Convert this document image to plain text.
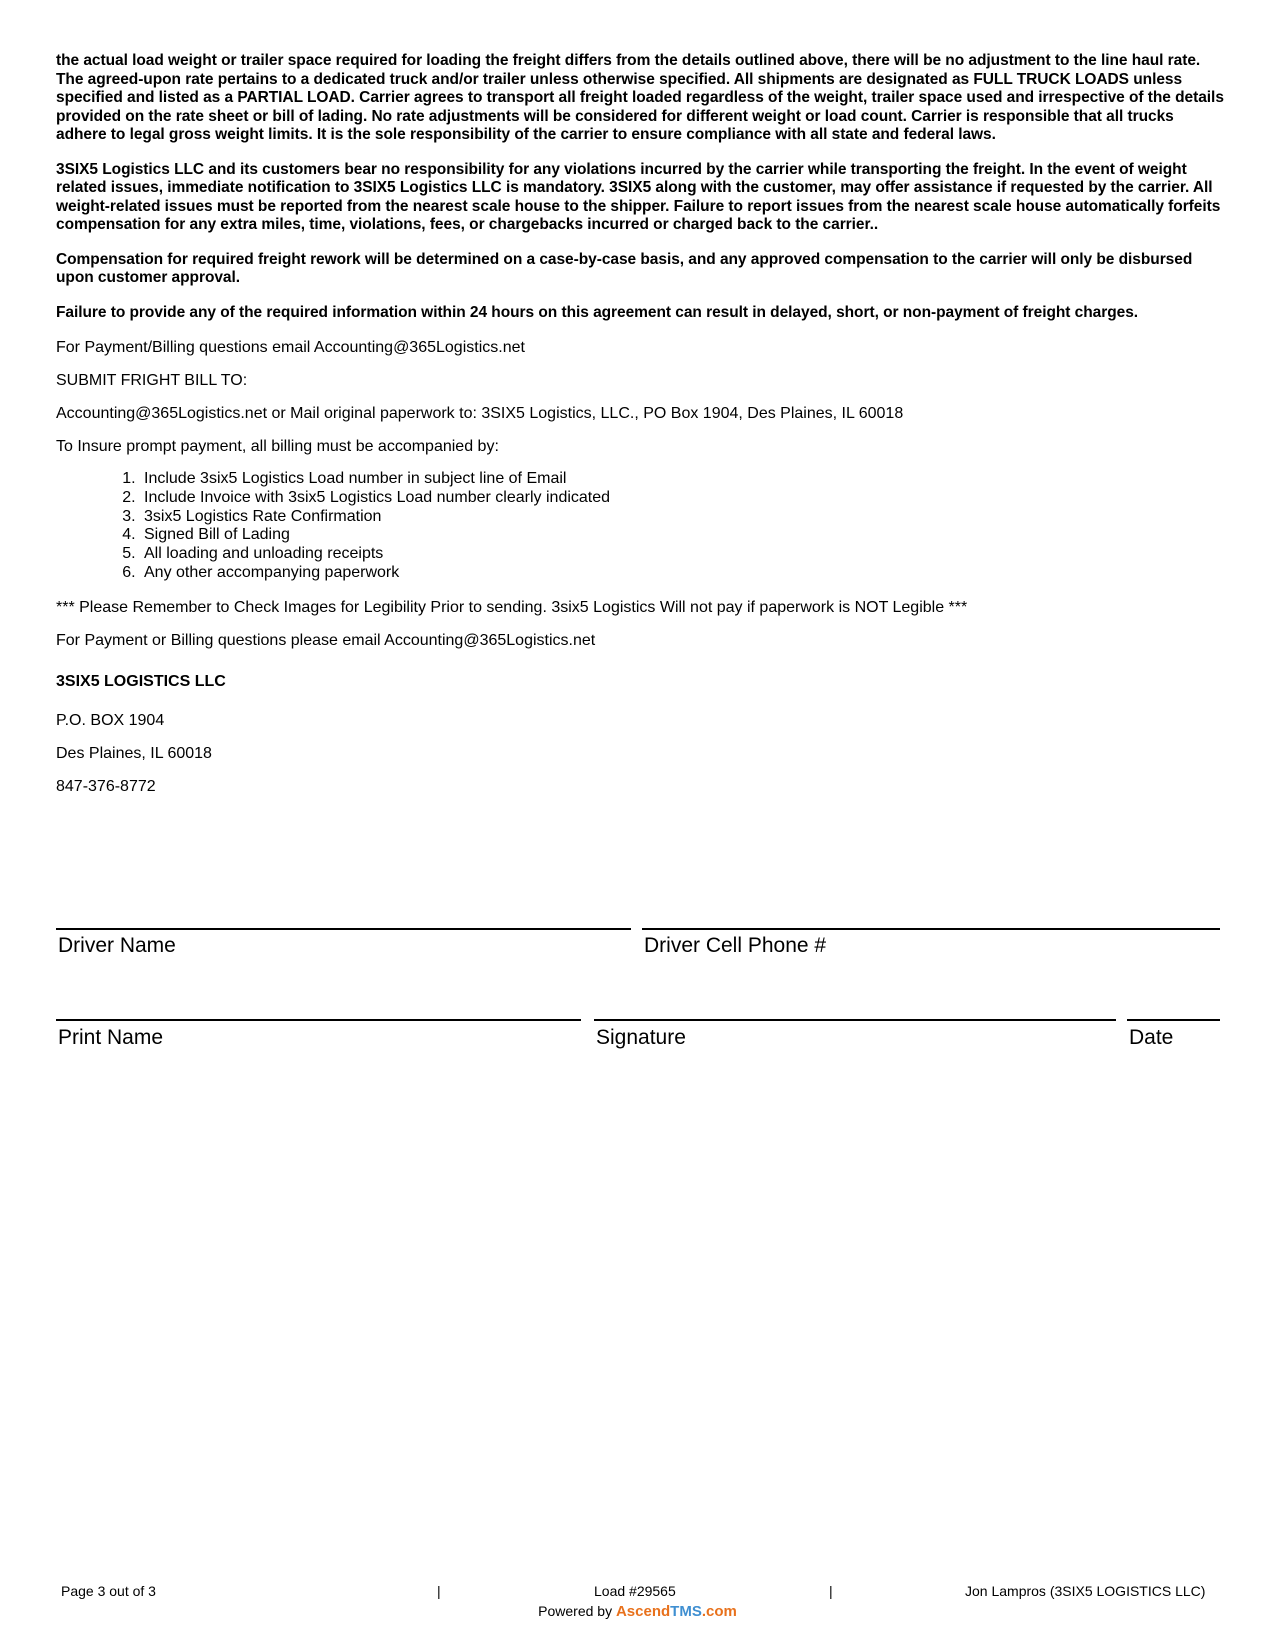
the actual load weight or trailer space required for loading the freight differs from the details outlined above, there will be no adjustment to the line haul rate. The agreed-upon rate pertains to a dedicated truck and/or trailer unless otherwise specified. All shipments are designated as FULL TRUCK LOADS unless specified and listed as a PARTIAL LOAD. Carrier agrees to transport all freight loaded regardless of the weight, trailer space used and irrespective of the details provided on the rate sheet or bill of lading. No rate adjustments will be considered for different weight or load count. Carrier is responsible that all trucks adhere to legal gross weight limits. It is the sole responsibility of the carrier to ensure compliance with all state and federal laws.

3SIX5 Logistics LLC and its customers bear no responsibility for any violations incurred by the carrier while transporting the freight. In the event of weight related issues, immediate notification to 3SIX5 Logistics LLC is mandatory. 3SIX5 along with the customer, may offer assistance if requested by the carrier. All weight-related issues must be reported from the nearest scale house to the shipper. Failure to report issues from the nearest scale house automatically forfeits compensation for any extra miles, time, violations, fees, or chargebacks incurred or charged back to the carrier..

Compensation for required freight rework will be determined on a case-by-case basis, and any approved compensation to the carrier will only be disbursed upon customer approval.

Failure to provide any of the required information within 24 hours on this agreement can result in delayed, short, or non-payment of freight charges.

For Payment/Billing questions email Accounting@365Logistics.net

SUBMIT FRIGHT BILL TO:

Accounting@365Logistics.net or Mail original paperwork to: 3SIX5 Logistics, LLC., PO Box 1904, Des Plaines, IL 60018

To Insure prompt payment, all billing must be accompanied by:

1. Include 3six5 Logistics Load number in subject line of Email
2. Include Invoice with 3six5 Logistics Load number clearly indicated
3. 3six5 Logistics Rate Confirmation
4. Signed Bill of Lading
5. All loading and unloading receipts
6. Any other accompanying paperwork

*** Please Remember to Check Images for Legibility Prior to sending. 3six5 Logistics Will not pay if paperwork is NOT Legible ***

For Payment or Billing questions please email Accounting@365Logistics.net

3SIX5 LOGISTICS LLC

P.O. BOX 1904

Des Plaines, IL 60018

847-376-8772

Driver Name	Driver Cell Phone #
Print Name	Signature	Date
Page 3 out of 3	|	Load #29565	|	Jon Lampros (3SIX5 LOGISTICS LLC)
Powered by AscendTMS.com
